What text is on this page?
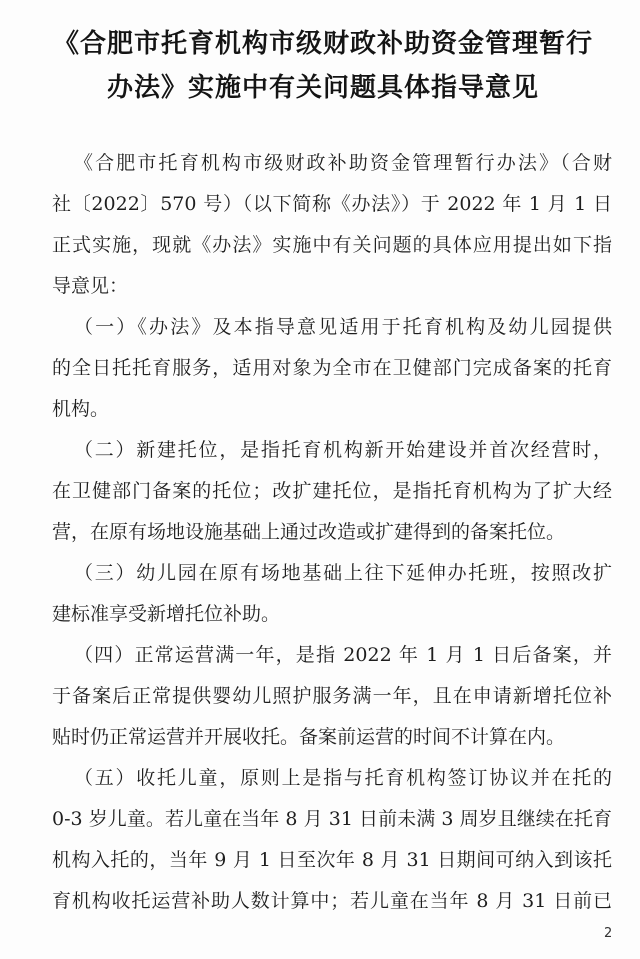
《合肥市托育机构市级财政补助资金管理暂行
办法》实施中有关问题具体指导意见
《合肥市托育机构市级财政补助资金管理暂行办法》（合财
社〔2022〕570 号）（以下简称《办法》）于 2022 年 1 月 1 日
正式实施，现就《办法》实施中有关问题的具体应用提出如下指
导意见：
（一）《办法》及本指导意见适用于托育机构及幼儿园提供
的全日托托育服务，适用对象为全市在卫健部门完成备案的托育
机构。
（二）新建托位，是指托育机构新开始建设并首次经营时，
在卫健部门备案的托位；改扩建托位，是指托育机构为了扩大经
营，在原有场地设施基础上通过改造或扩建得到的备案托位。
（三）幼儿园在原有场地基础上往下延伸办托班，按照改扩
建标准享受新增托位补助。
（四）正常运营满一年，是指 2022 年 1 月 1 日后备案，并
于备案后正常提供婴幼儿照护服务满一年，且在申请新增托位补
贴时仍正常运营并开展收托。备案前运营的时间不计算在内。
（五）收托儿童，原则上是指与托育机构签订协议并在托的
0-3 岁儿童。若儿童在当年 8 月 31 日前未满 3 周岁且继续在托育
机构入托的，当年 9 月 1 日至次年 8 月 31 日期间可纳入到该托
育机构收托运营补助人数计算中；若儿童在当年 8 月 31 日前已
2
